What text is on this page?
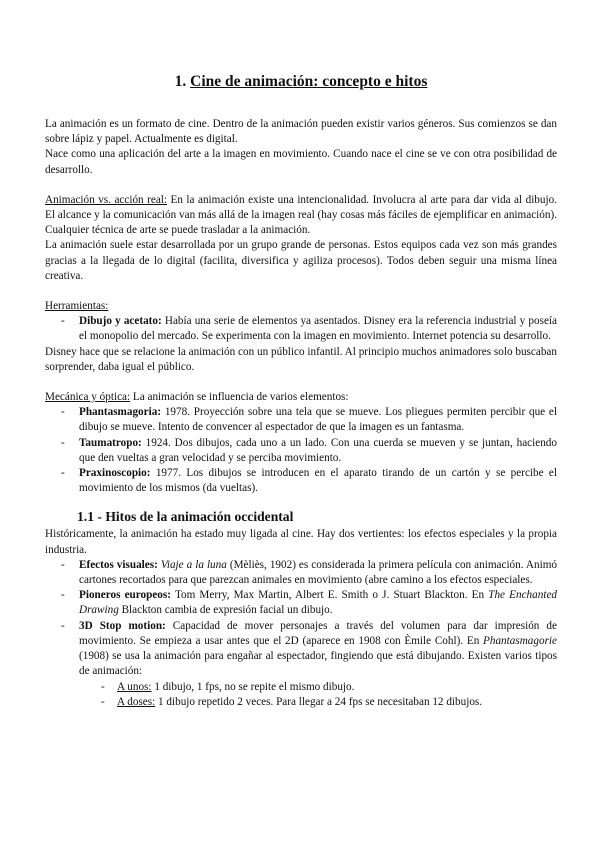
1. Cine de animación: concepto e hitos

La animación es un formato de cine. Dentro de la animación pueden existir varios géneros. Sus comienzos se dan sobre lápiz y papel. Actualmente es digital.

Nace como una aplicación del arte a la imagen en movimiento. Cuando nace el cine se ve con otra posibilidad de desarrollo.

Animación vs. acción real: En la animación existe una intencionalidad. Involucra al arte para dar vida al dibujo. El alcance y la comunicación van más allá de la imagen real (hay cosas más fáciles de ejemplificar en animación). Cualquier técnica de arte se puede trasladar a la animación.

La animación suele estar desarrollada por un grupo grande de personas. Estos equipos cada vez son más grandes gracias a la llegada de lo digital (facilita, diversifica y agiliza procesos). Todos deben seguir una misma línea creativa.

Herramientas:

- Dibujo y acetato: Había una serie de elementos ya asentados. Disney era la referencia industrial y poseía el monopolio del mercado. Se experimenta con la imagen en movimiento. Internet potencia su desarrollo.

Disney hace que se relacione la animación con un público infantil. Al principio muchos animadores solo buscaban sorprender, daba igual el público.

Mecánica y óptica: La animación se influencia de varios elementos:

- Phantasmagoria: 1978. Proyección sobre una tela que se mueve. Los pliegues permiten percibir que el dibujo se mueve. Intento de convencer al espectador de que la imagen es un fantasma.
- Taumatropo: 1924. Dos dibujos, cada uno a un lado. Con una cuerda se mueven y se juntan, haciendo que den vueltas a gran velocidad y se perciba movimiento.
- Praxinoscopio: 1977. Los dibujos se introducen en el aparato tirando de un cartón y se percibe el movimiento de los mismos (da vueltas).
1.1 - Hitos de la animación occidental

Históricamente, la animación ha estado muy ligada al cine. Hay dos vertientes: los efectos especiales y la propia industria.

- Efectos visuales: Viaje a la luna (Mèliès, 1902) es considerada la primera película con animación. Animó cartones recortados para que parezcan animales en movimiento (abre camino a los efectos especiales.
- Pioneros europeos: Tom Merry, Max Martin, Albert E. Smith o J. Stuart Blackton. En The Enchanted Drawing Blackton cambia de expresión facial un dibujo.
- 3D Stop motion: Capacidad de mover personajes a través del volumen para dar impresión de movimiento. Se empieza a usar antes que el 2D (aparece en 1908 con Èmile Cohl). En Phantasmagorie (1908) se usa la animación para engañar al espectador, fingiendo que está dibujando. Existen varios tipos de animación:
- A unos: 1 dibujo, 1 fps, no se repite el mismo dibujo.
- A doses: 1 dibujo repetido 2 veces. Para llegar a 24 fps se necesitaban 12 dibujos.
